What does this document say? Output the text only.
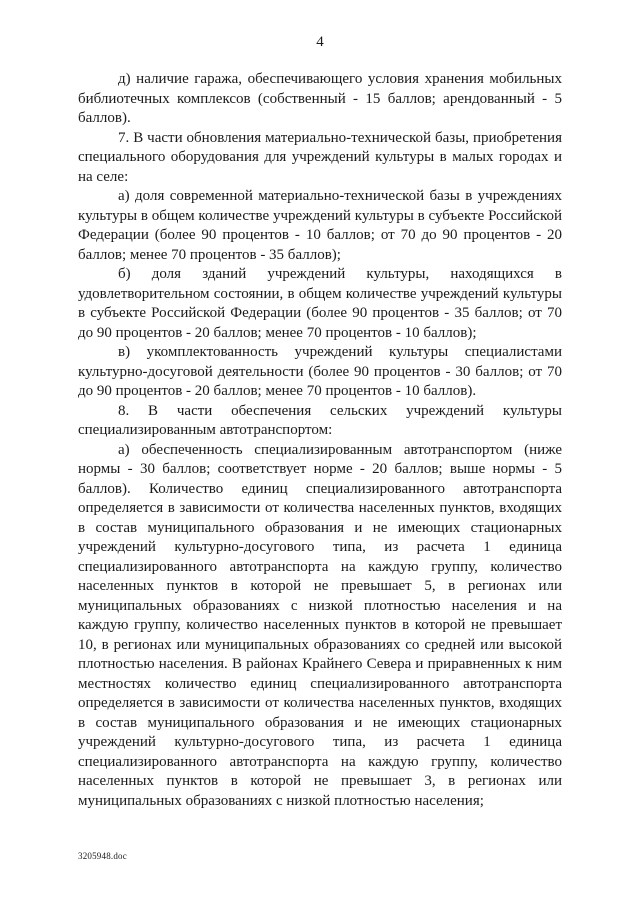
4

д) наличие гаража, обеспечивающего условия хранения мобильных библиотечных комплексов (собственный - 15 баллов; арендованный - 5 баллов).

7. В части обновления материально-технической базы, приобретения специального оборудования для учреждений культуры в малых городах и на селе:

а) доля современной материально-технической базы в учреждениях культуры в общем количестве учреждений культуры в субъекте Российской Федерации (более 90 процентов - 10 баллов; от 70 до 90 процентов - 20 баллов; менее 70 процентов - 35 баллов);

б) доля зданий учреждений культуры, находящихся в удовлетворительном состоянии, в общем количестве учреждений культуры в субъекте Российской Федерации (более 90 процентов - 35 баллов; от 70 до 90 процентов - 20 баллов; менее 70 процентов - 10 баллов);

в) укомплектованность учреждений культуры специалистами культурно-досуговой деятельности (более 90 процентов - 30 баллов; от 70 до 90 процентов - 20 баллов; менее 70 процентов - 10 баллов).

8. В части обеспечения сельских учреждений культуры специализированным автотранспортом:

а) обеспеченность специализированным автотранспортом (ниже нормы - 30 баллов; соответствует норме - 20 баллов; выше нормы - 5 баллов). Количество единиц специализированного автотранспорта определяется в зависимости от количества населенных пунктов, входящих в состав муниципального образования и не имеющих стационарных учреждений культурно-досугового типа, из расчета 1 единица специализированного автотранспорта на каждую группу, количество населенных пунктов в которой не превышает 5, в регионах или муниципальных образованиях с низкой плотностью населения и на каждую группу, количество населенных пунктов в которой не превышает 10, в регионах или муниципальных образованиях со средней или высокой плотностью населения. В районах Крайнего Севера и приравненных к ним местностях количество единиц специализированного автотранспорта определяется в зависимости от количества населенных пунктов, входящих в состав муниципального образования и не имеющих стационарных учреждений культурно-досугового типа, из расчета 1 единица специализированного автотранспорта на каждую группу, количество населенных пунктов в которой не превышает 3, в регионах или муниципальных образованиях с низкой плотностью населения;

3205948.doc
